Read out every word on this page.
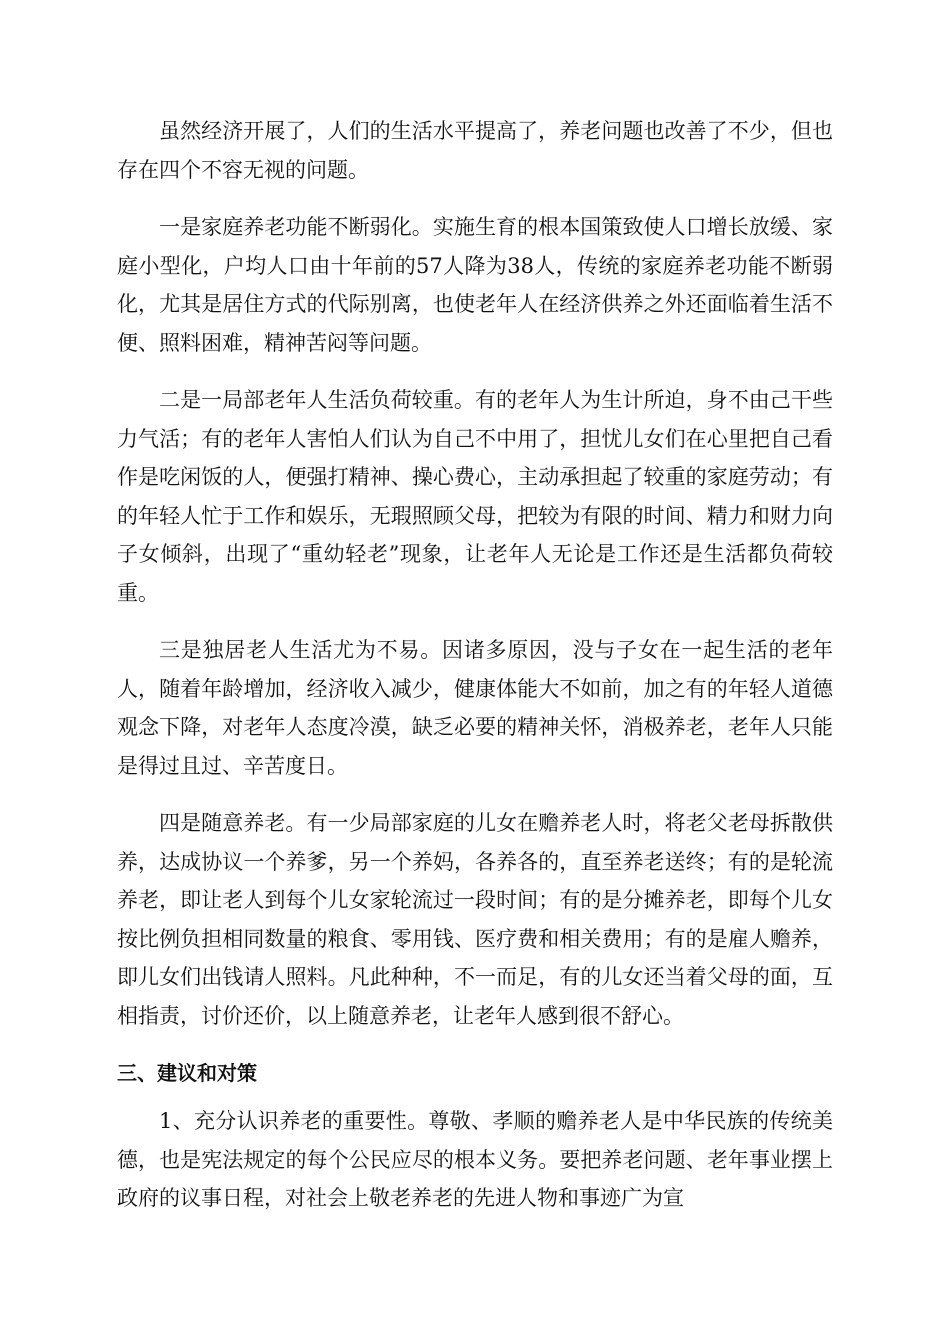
虽然经济开展了，人们的生活水平提高了，养老问题也改善了不少，但也存在四个不容无视的问题。

一是家庭养老功能不断弱化。实施生育的根本国策致使人口增长放缓、家庭小型化，户均人口由十年前的57人降为38人，传统的家庭养老功能不断弱化，尤其是居住方式的代际别离，也使老年人在经济供养之外还面临着生活不便、照料困难，精神苦闷等问题。

二是一局部老年人生活负荷较重。有的老年人为生计所迫，身不由己干些力气活；有的老年人害怕人们认为自己不中用了，担忧儿女们在心里把自己看作是吃闲饭的人，便强打精神、操心费心，主动承担起了较重的家庭劳动；有的年轻人忙于工作和娱乐，无瑕照顾父母，把较为有限的时间、精力和财力向子女倾斜，出现了“重幼轻老”现象，让老年人无论是工作还是生活都负荷较重。

三是独居老人生活尤为不易。因诸多原因，没与子女在一起生活的老年人，随着年龄增加，经济收入减少，健康体能大不如前，加之有的年轻人道德观念下降，对老年人态度冷漠，缺乏必要的精神关怀，消极养老，老年人只能是得过且过、辛苦度日。

四是随意养老。有一少局部家庭的儿女在赡养老人时，将老父老母拆散供养，达成协议一个养爹，另一个养妈，各养各的，直至养老送终；有的是轮流养老，即让老人到每个儿女家轮流过一段时间；有的是分摊养老，即每个儿女按比例负担相同数量的粮食、零用钱、医疗费和相关费用；有的是雇人赡养，即儿女们出钱请人照料。凡此种种，不一而足，有的儿女还当着父母的面，互相指责，讨价还价，以上随意养老，让老年人感到很不舒心。

三、建议和对策

1、充分认识养老的重要性。尊敬、孝顺的赡养老人是中华民族的传统美德，也是宪法规定的每个公民应尽的根本义务。要把养老问题、老年事业摆上政府的议事日程，对社会上敬老养老的先进人物和事迹广为宣
